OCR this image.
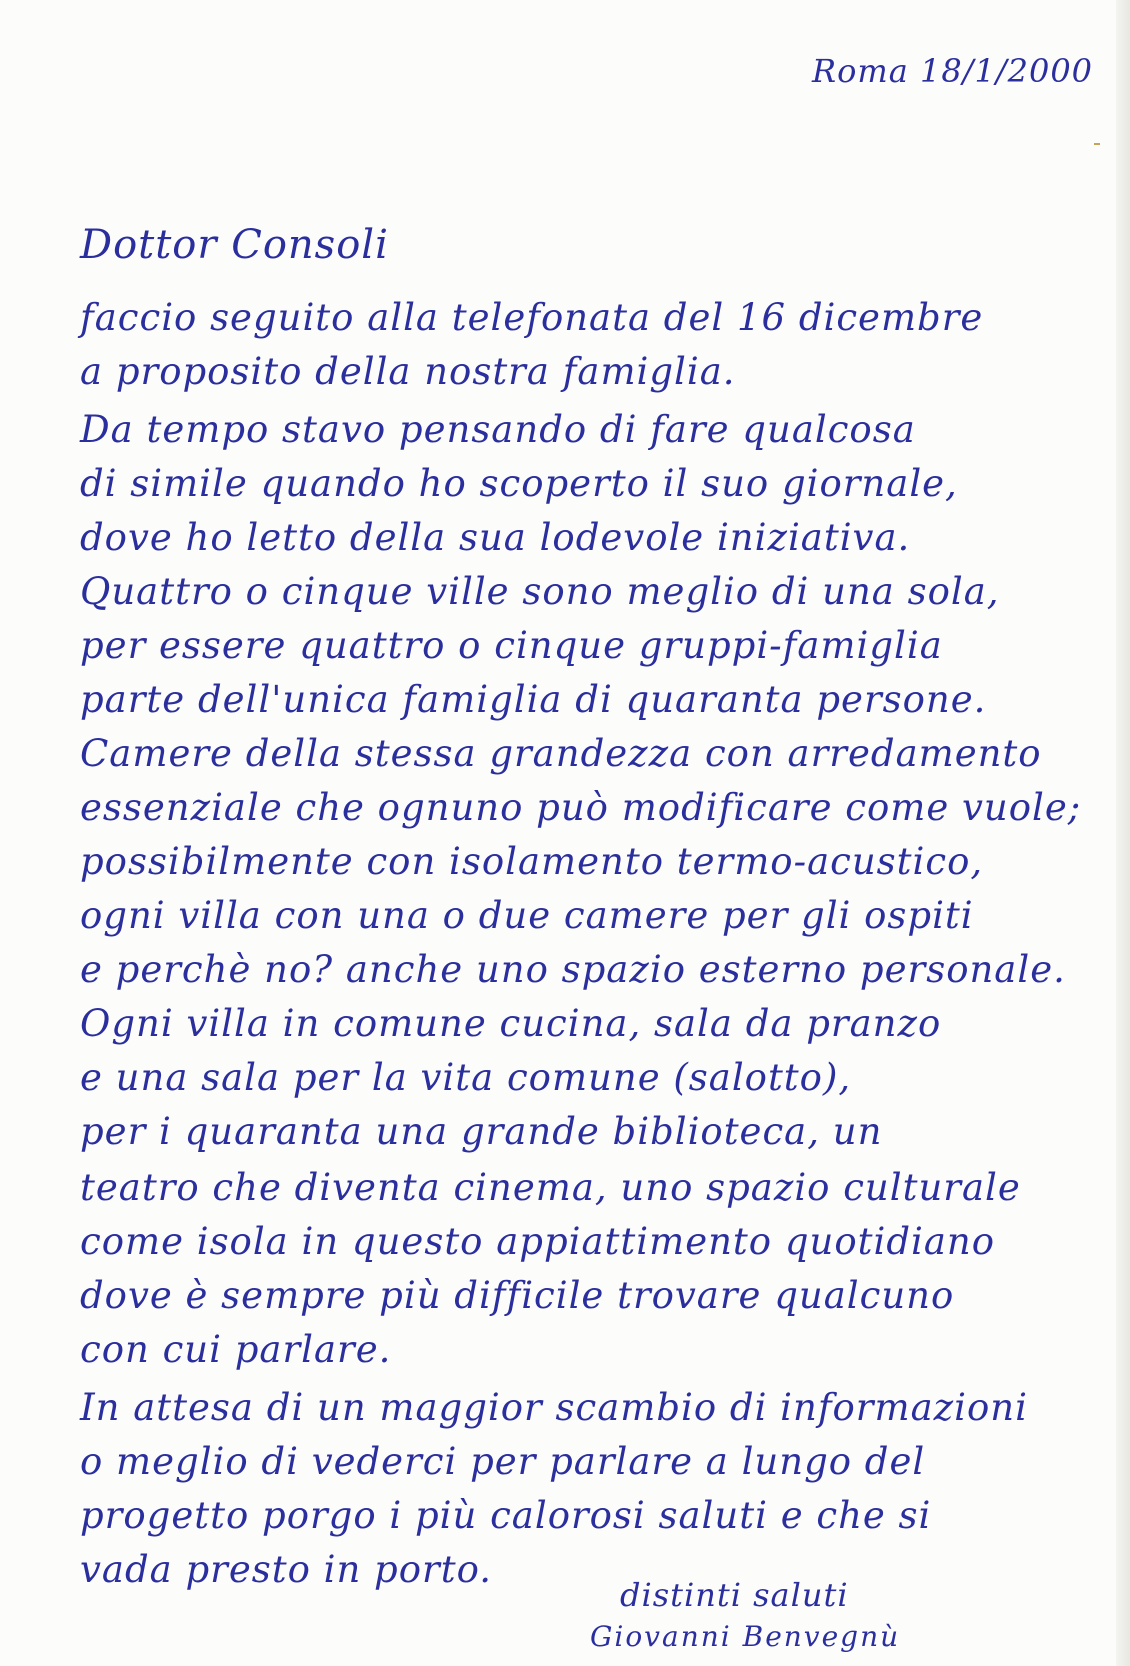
Roma 18/1/2000
Dottor Consoli
faccio seguito alla telefonata del 16 dicembre
a proposito della nostra famiglia.
Da tempo stavo pensando di fare qualcosa
di simile quando ho scoperto il suo giornale,
dove ho letto della sua lodevole iniziativa.
Quattro o cinque ville sono meglio di una sola,
per essere quattro o cinque gruppi-famiglia
parte dell'unica famiglia di quaranta persone.
Camere della stessa grandezza con arredamento
essenziale che ognuno può modificare come vuole;
possibilmente con isolamento termo-acustico,
ogni villa con una o due camere per gli ospiti
e perchè no? anche uno spazio esterno personale.
Ogni villa in comune cucina, sala da pranzo
e una sala per la vita comune (salotto),
per i quaranta una grande biblioteca, un
teatro che diventa cinema, uno spazio culturale
come isola in questo appiattimento quotidiano
dove è sempre più difficile trovare qualcuno
con cui parlare.
In attesa di un maggior scambio di informazioni
o meglio di vederci per parlare a lungo del
progetto porgo i più calorosi saluti e che si
vada presto in porto.
distinti saluti
Giovanni Benvegnù
